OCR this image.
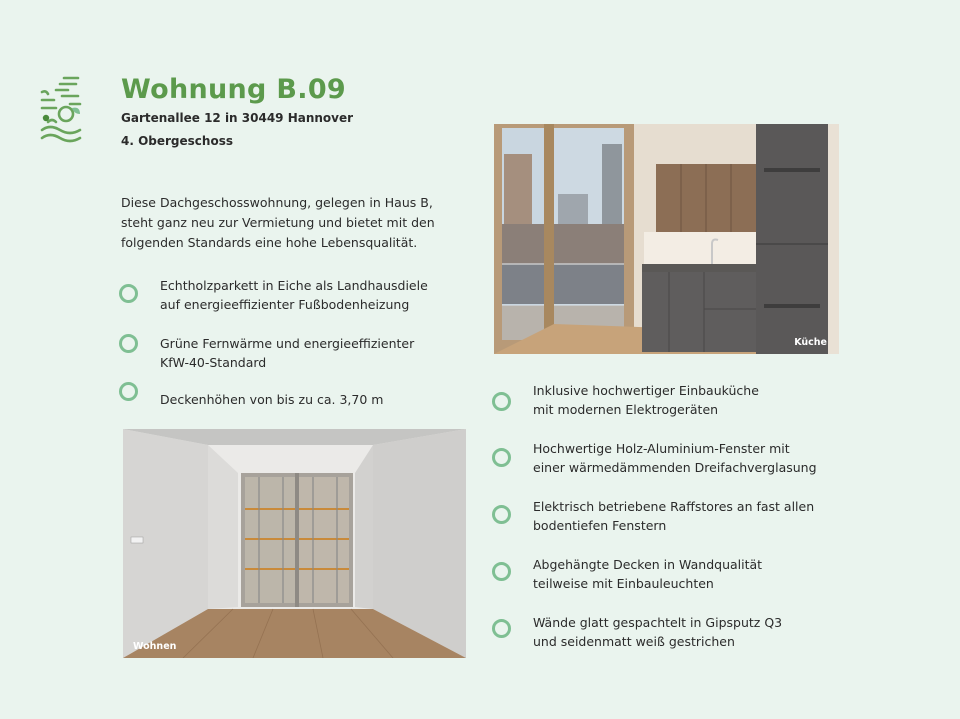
Wohnung B.09
Gartenallee 12 in 30449 Hannover
4. Obergeschoss

Diese Dachgeschosswohnung, gelegen in Haus B, steht ganz neu zur Vermietung und bietet mit den folgenden Standards eine hohe Lebensqualität.

Echtholzparkett in Eiche als Landhausdiele
auf energieeffizienter Fußbodenheizung
Grüne Fernwärme und energieeffizienter
KfW-40-Standard
Deckenhöhen von bis zu ca. 3,70 m
Inklusive hochwertiger Einbauküche
mit modernen Elektrogeräten
Hochwertige Holz-Aluminium-Fenster mit
einer wärmedämmenden Dreifachverglasung
Elektrisch betriebene Raffstores an fast allen
bodentiefen Fenstern
Abgehängte Decken in Wandqualität
teilweise mit Einbauleuchten
Wände glatt gespachtelt in Gipsputz Q3
und seidenmatt weiß gestrichen
Küche
Wohnen
